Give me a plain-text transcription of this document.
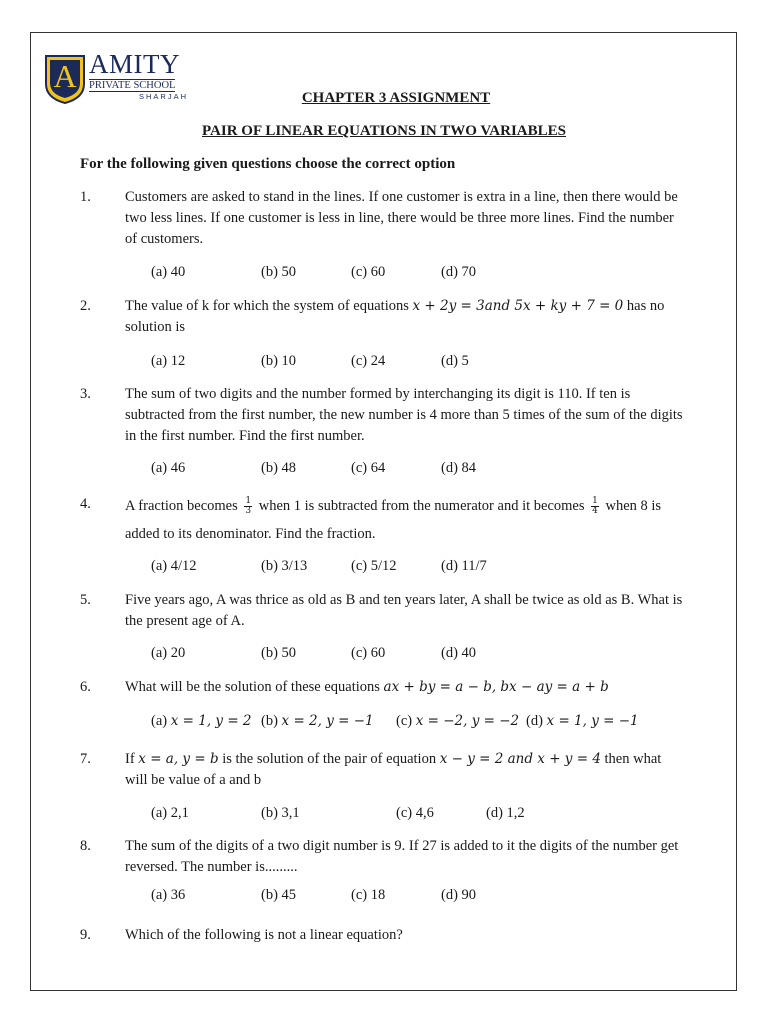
A AMITY
PRIVATE SCHOOL
SHARJAH	CHAPTER 3 ASSIGNMENT
PAIR OF LINEAR EQUATIONS IN TWO VARIABLES
For the following given questions choose the correct option
1. Customers are asked to stand in the lines. If one customer is extra in a line, then there would be two less lines. If one customer is less in line, there would be three more lines. Find the number of customers.
(a) 40	(b) 50	(c) 60	(d) 70
2. The value of k for which the system of equations x + 2y = 3and 5x + ky + 7 = 0 has no solution is
(a) 12	(b) 10	(c) 24	(d) 5
3. The sum of two digits and the number formed by interchanging its digit is 110. If ten is subtracted from the first number, the new number is 4 more than 5 times of the sum of the digits in the first number. Find the first number.
(a) 46	(b) 48	(c) 64	(d) 84
4. A fraction becomes $\frac{1}{3}$ when 1 is subtracted from the numerator and it becomes $\frac{1}{4}$ when 8 is added to its denominator. Find the fraction.
(a) 4/12	(b) 3/13	(c) 5/12	(d) 11/7
5. Five years ago, A was thrice as old as B and ten years later, A shall be twice as old as B. What is the present age of A.
(a) 20	(b) 50	(c) 60	(d) 40
6. What will be the solution of these equations ax + by = a − b, bx − ay = a + b
(a) x = 1, y = 2 (b) x = 2, y = −1 (c) x = −2, y = −2 (d) x = 1, y = −1
7. If x = a, y = b is the solution of the pair of equation x − y = 2 and x + y = 4 then what will be value of a and b
(a) 2,1	(b) 3,1	(c) 4,6	(d) 1,2
8. The sum of the digits of a two digit number is 9. If 27 is added to it the digits of the number get reversed. The number is.........
(a) 36	(b) 45	(c) 18	(d) 90
9. Which of the following is not a linear equation?
